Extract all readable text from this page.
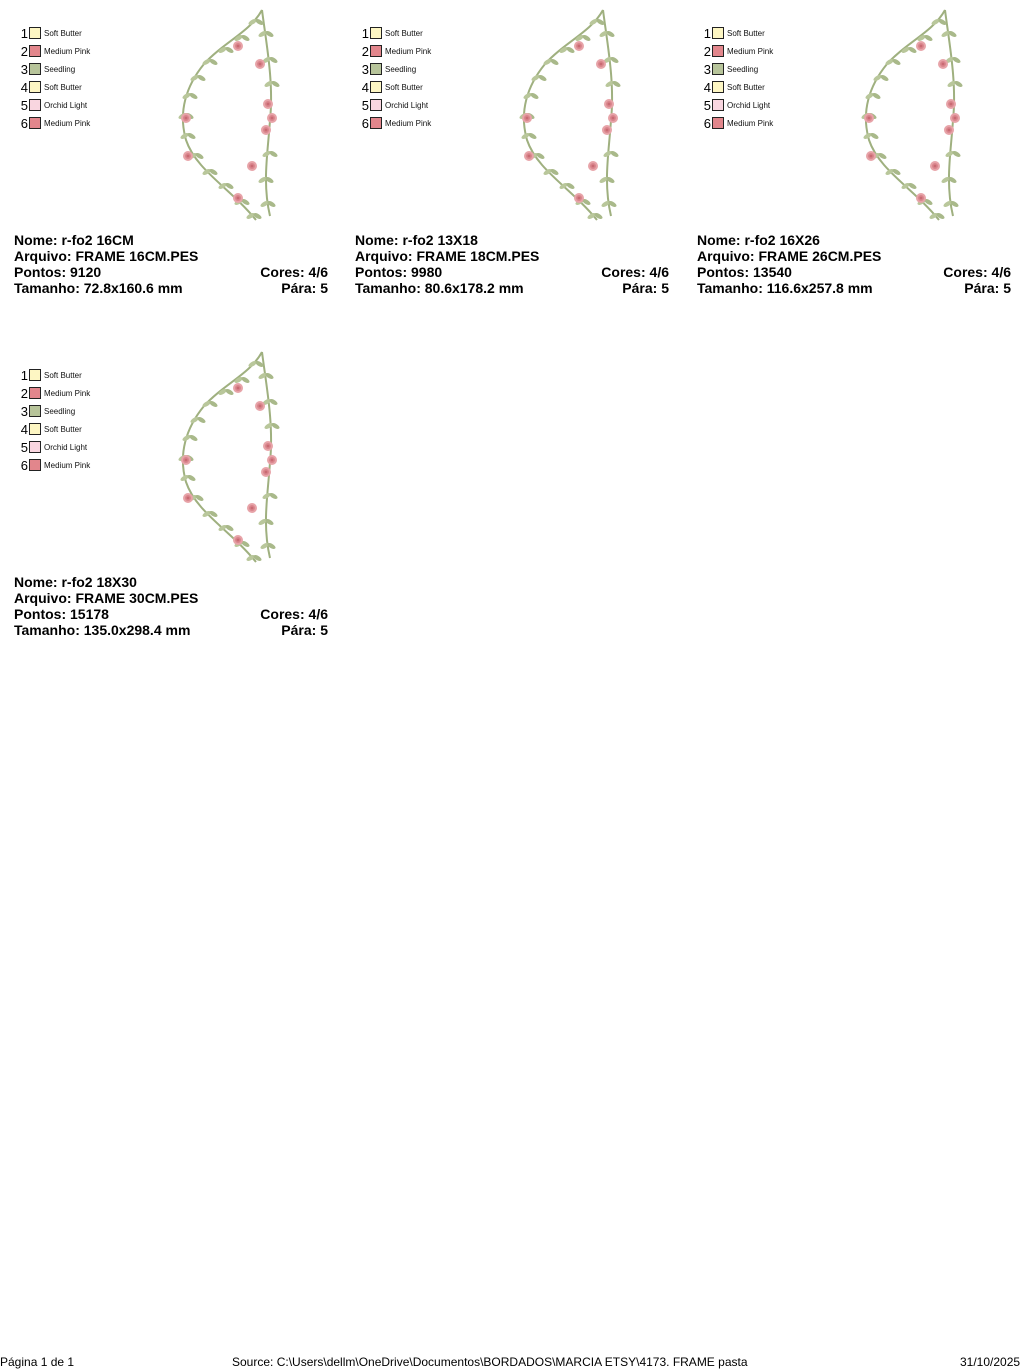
1 Soft Butter
2 Medium Pink
3 Seedling
4 Soft Butter
5 Orchid Light
6 Medium Pink
Nome: r-fo2 16CM
Arquivo: FRAME 16CM.PES
Pontos: 9120	Cores: 4/6
Tamanho: 72.8x160.6 mm	Pára: 5
1 Soft Butter
2 Medium Pink
3 Seedling
4 Soft Butter
5 Orchid Light
6 Medium Pink
Nome: r-fo2 13X18
Arquivo: FRAME 18CM.PES
Pontos: 9980	Cores: 4/6
Tamanho: 80.6x178.2 mm	Pára: 5
1 Soft Butter
2 Medium Pink
3 Seedling
4 Soft Butter
5 Orchid Light
6 Medium Pink
Nome: r-fo2 16X26
Arquivo: FRAME 26CM.PES
Pontos: 13540	Cores: 4/6
Tamanho: 116.6x257.8 mm	Pára: 5
1 Soft Butter
2 Medium Pink
3 Seedling
4 Soft Butter
5 Orchid Light
6 Medium Pink
Nome: r-fo2 18X30
Arquivo: FRAME 30CM.PES
Pontos: 15178	Cores: 4/6
Tamanho: 135.0x298.4 mm	Pára: 5
Página 1 de 1	Source: C:\Users\dellm\OneDrive\Documentos\BORDADOS\MARCIA ETSY\4173. FRAME pasta	31/10/2025
